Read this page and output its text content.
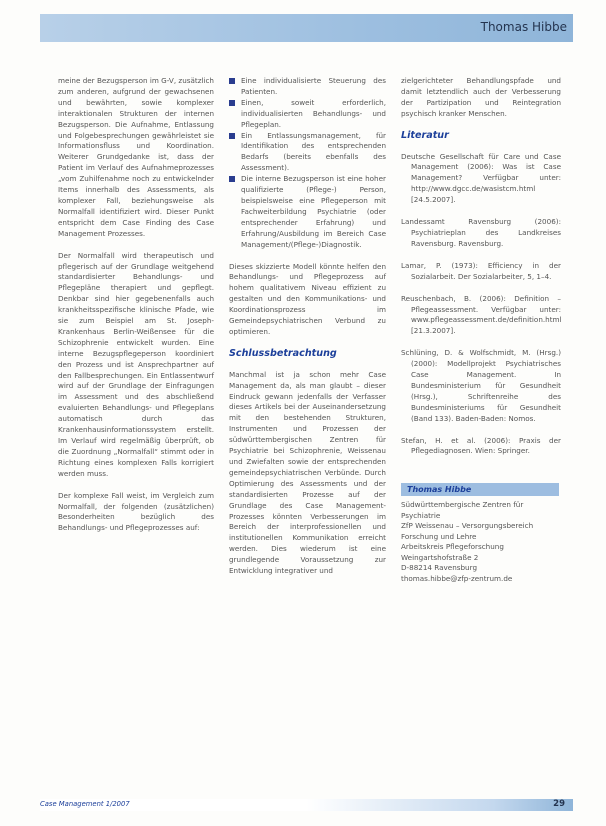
Thomas Hibbe

meine der Bezugsperson im G-V, zusätzlich zum anderen, aufgrund der gewachsenen und bewährten, sowie komplexer interaktionalen Strukturen der internen Bezugsperson. Die Aufnahme, Entlassung und Folgebesprechungen gewährleistet sie Informationsfluss und Koordination. Weiterer Grundgedanke ist, dass der Patient im Verlauf des Aufnahmeprozesses „vom Zuhilfenahme noch zu entwickelnder Items innerhalb des Assessments, als komplexer Fall, beziehungsweise als Normalfall identifiziert wird. Dieser Punkt entspricht dem Case Finding des Case Management Prozesses.

Der Normalfall wird therapeutisch und pflegerisch auf der Grundlage weitgehend standardisierter Behandlungs- und Pflegepläne therapiert und gepflegt. Denkbar sind hier gegebenenfalls auch krankheitsspezifische klinische Pfade, wie sie zum Beispiel am St. Joseph-Krankenhaus Berlin-Weißensee für die Schizophrenie entwickelt wurden. Eine interne Bezugspflegeperson koordiniert den Prozess und ist Ansprechpartner auf den Fallbesprechungen. Ein Entlassentwurf wird auf der Grundlage der Einfragungen im Assessment und des abschließend evaluierten Behandlungs- und Pflegeplans automatisch durch das Krankenhausinformationssystem erstellt. Im Verlauf wird regelmäßig überprüft, ob die Zuordnung „Normalfall“ stimmt oder in Richtung eines komplexen Falls korrigiert werden muss.

Der komplexe Fall weist, im Vergleich zum Normalfall, der folgenden (zusätzlichen) Besonderheiten bezüglich des Behandlungs- und Pflegeprozesses auf:

Eine individualisierte Steuerung des Patienten.
Einen, soweit erforderlich, individualisierten Behandlungs- und Pflegeplan.
Ein Entlassungsmanagement, für Identifikation des entsprechenden Bedarfs (bereits ebenfalls des Assessment).
Die interne Bezugsperson ist eine hoher qualifizierte (Pflege-) Person, beispielsweise eine Pflegeperson mit Fachweiterbildung Psychiatrie (oder entsprechender Erfahrung) und Erfahrung/Ausbildung im Bereich Case Management/(Pflege-)Diagnostik.

Dieses skizzierte Modell könnte helfen den Behandlungs- und Pflegeprozess auf hohem qualitativem Niveau effizient zu gestalten und den Kommunikations- und Koordinationsprozess im Gemeindepsychiatrischen Verbund zu optimieren.

Schlussbetrachtung

Manchmal ist ja schon mehr Case Management da, als man glaubt – dieser Eindruck gewann jedenfalls der Verfasser dieses Artikels bei der Auseinandersetzung mit den bestehenden Strukturen, Instrumenten und Prozessen der südwürttembergischen Zentren für Psychiatrie bei Schizophrenie, Weissenau und Zwiefalten sowie der entsprechenden gemeindepsychiatrischen Verbünde. Durch Optimierung des Assessments und der standardisierten Prozesse auf der Grundlage des Case Management-Prozesses könnten Verbesserungen im Bereich der interprofessionellen und institutionellen Kommunikation erreicht werden. Dies wiederum ist eine grundlegende Voraussetzung zur Entwicklung integrativer und

zielgerichteter Behandlungspfade und damit letztendlich auch der Verbesserung der Partizipation und Reintegration psychisch kranker Menschen.

Literatur

Deutsche Gesellschaft für Care und Case Management (2006): Was ist Case Management? Verfügbar unter: http://www.dgcc.de/wasistcm.html [24.5.2007].

Landessamt Ravensburg (2006): Psychiatrieplan des Landkreises Ravensburg. Ravensburg.

Lamar, P. (1973): Efficiency in der Sozialarbeit. Der Sozialarbeiter, 5, 1–4.

Reuschenbach, B. (2006): Definition – Pflegeassessment. Verfügbar unter: www.pflegeassessment.de/definition.html [21.3.2007].

Schlüning, D. & Wolfschmidt, M. (Hrsg.) (2000): Modellprojekt Psychiatrisches Case Management. In Bundesministerium für Gesundheit (Hrsg.), Schriftenreihe des Bundesministeriums für Gesundheit (Band 133). Baden-Baden: Nomos.

Stefan, H. et al. (2006): Praxis der Pflegediagnosen. Wien: Springer.

Thomas Hibbe
Südwürttembergische Zentren für Psychiatrie
ZfP Weissenau – Versorgungsbereich Forschung und Lehre
Arbeitskreis Pflegeforschung
Weingartshofstraße 2
D-88214 Ravensburg
thomas.hibbe@zfp-zentrum.de
Case Management 1/2007	29
